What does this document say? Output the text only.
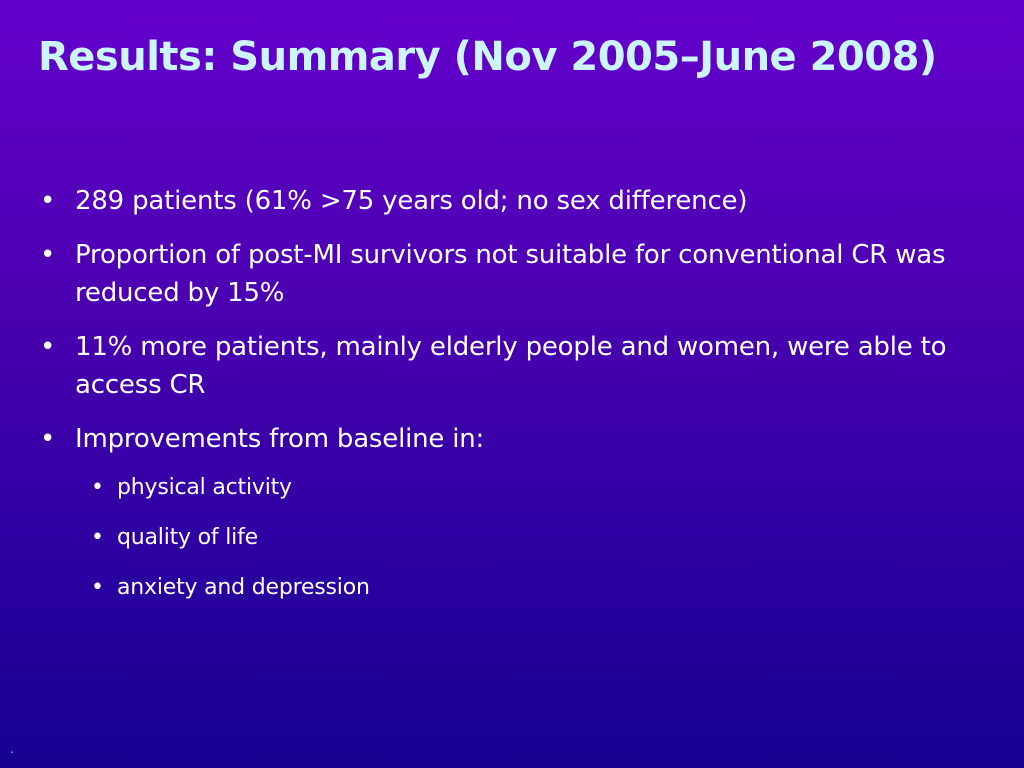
Results: Summary (Nov 2005–June 2008)
• 289 patients (61% >75 years old; no sex difference)
• Proportion of post-MI survivors not suitable for conventional CR was reduced by 15%
• 11% more patients, mainly elderly people and women, were able to access CR
• Improvements from baseline in:
• physical activity
• quality of life
• anxiety and depression
.
